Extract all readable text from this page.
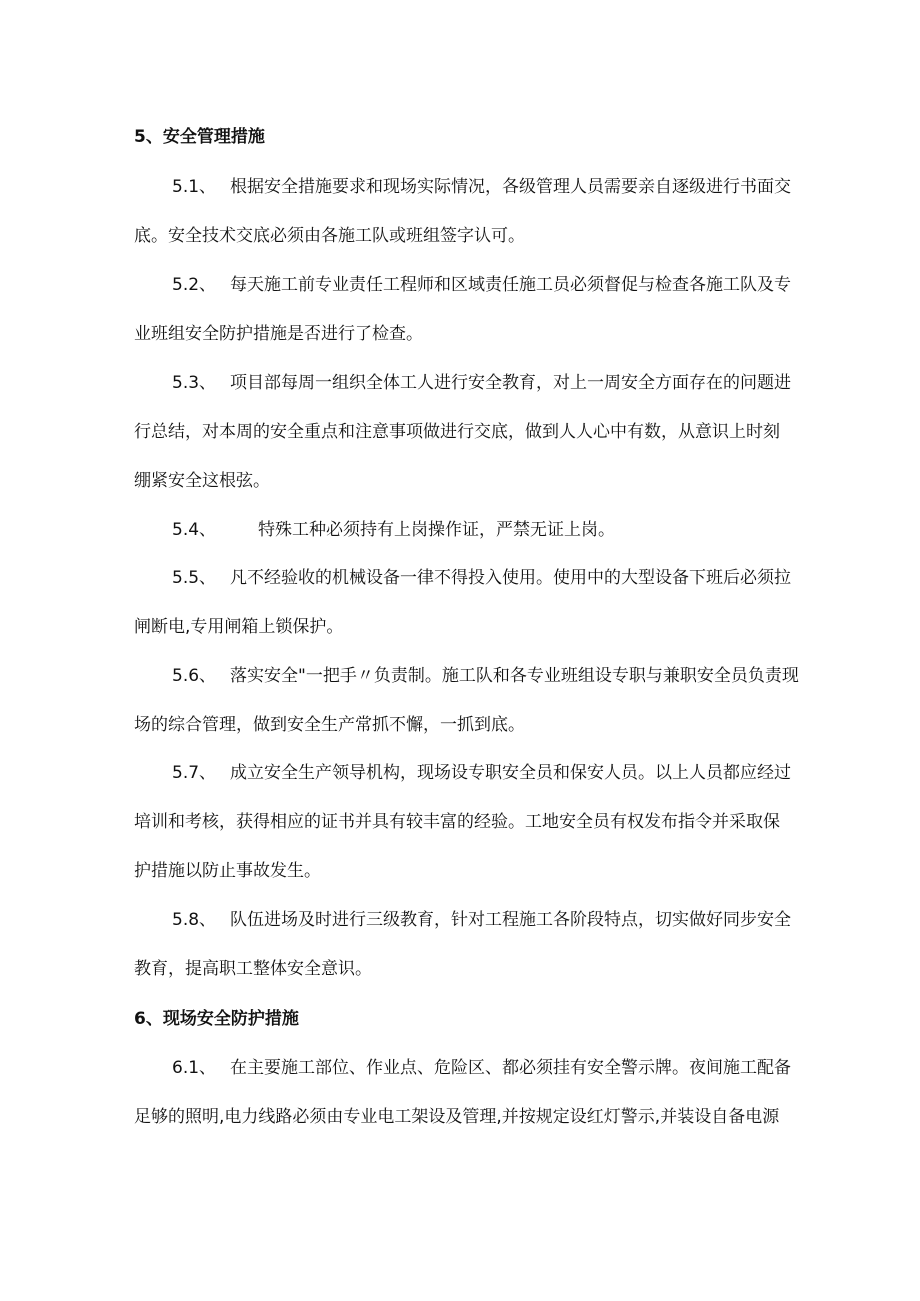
5、安全管理措施
5.1、 根据安全措施要求和现场实际情况，各级管理人员需要亲自逐级进行书面交
底。安全技术交底必须由各施工队或班组签字认可。
5.2、 每天施工前专业责任工程师和区域责任施工员必须督促与检查各施工队及专
业班组安全防护措施是否进行了检查。
5.3、 项目部每周一组织全体工人进行安全教育，对上一周安全方面存在的问题进
行总结，对本周的安全重点和注意事项做进行交底，做到人人心中有数，从意识上时刻
绷紧安全这根弦。
5.4、 特殊工种必须持有上岗操作证，严禁无证上岗。
5.5、 凡不经验收的机械设备一律不得投入使用。使用中的大型设备下班后必须拉
闸断电,专用闸箱上锁保护。
5.6、 落实安全"一把手〃负责制。施工队和各专业班组设专职与兼职安全员负责现
场的综合管理，做到安全生产常抓不懈，一抓到底。
5.7、 成立安全生产领导机构，现场设专职安全员和保安人员。以上人员都应经过
培训和考核，获得相应的证书并具有较丰富的经验。工地安全员有权发布指令并采取保
护措施以防止事故发生。
5.8、 队伍进场及时进行三级教育，针对工程施工各阶段特点，切实做好同步安全
教育，提高职工整体安全意识。
6、现场安全防护措施
6.1、 在主要施工部位、作业点、危险区、都必须挂有安全警示牌。夜间施工配备
足够的照明,电力线路必须由专业电工架设及管理,并按规定设红灯警示,并装设自备电源
